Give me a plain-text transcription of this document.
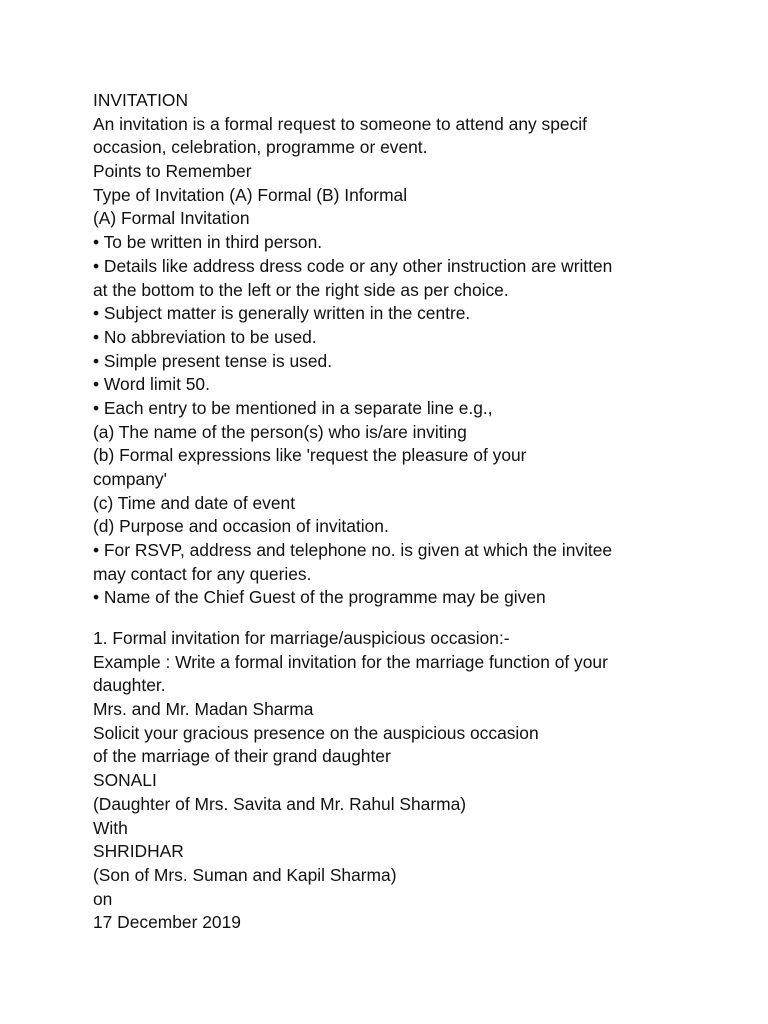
INVITATION
An invitation is a formal request to someone to attend any specif
occasion, celebration, programme or event.
Points to Remember
Type of Invitation (A) Formal (B) Informal
(A) Formal Invitation
• To be written in third person.
• Details like address dress code or any other instruction are written
at the bottom to the left or the right side as per choice.
• Subject matter is generally written in the centre.
• No abbreviation to be used.
• Simple present tense is used.
• Word limit 50.
• Each entry to be mentioned in a separate line e.g.,
(a) The name of the person(s) who is/are inviting
(b) Formal expressions like 'request the pleasure of your
company'
(c) Time and date of event
(d) Purpose and occasion of invitation.
• For RSVP, address and telephone no. is given at which the invitee
may contact for any queries.
• Name of the Chief Guest of the programme may be given
1. Formal invitation for marriage/auspicious occasion:-
Example : Write a formal invitation for the marriage function of your
daughter.
Mrs. and Mr. Madan Sharma
Solicit your gracious presence on the auspicious occasion
of the marriage of their grand daughter
SONALI
(Daughter of Mrs. Savita and Mr. Rahul Sharma)
With
SHRIDHAR
(Son of Mrs. Suman and Kapil Sharma)
on
17 December 2019
